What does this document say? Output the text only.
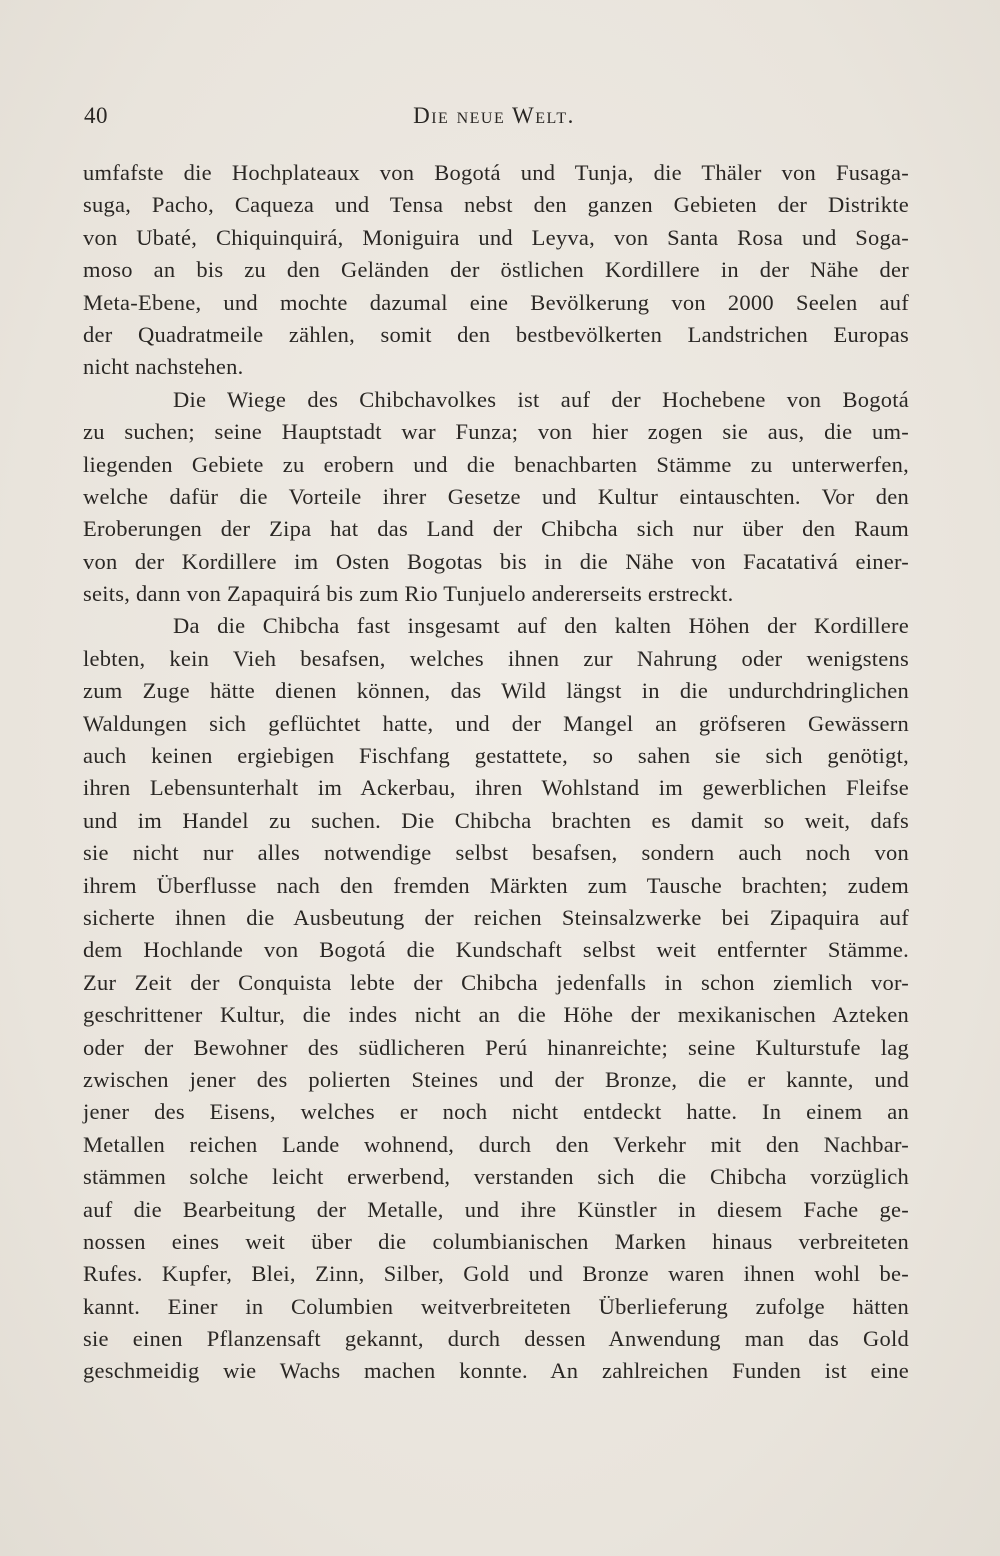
40	Die neue Welt.
umfafste die Hochplateaux von Bogotá und Tunja, die Thäler von Fusaga-
suga, Pacho, Caqueza und Tensa nebst den ganzen Gebieten der Distrikte
von Ubaté, Chiquinquirá, Moniguira und Leyva, von Santa Rosa und Soga-
moso an bis zu den Geländen der östlichen Kordillere in der Nähe der
Meta-Ebene, und mochte dazumal eine Bevölkerung von 2000 Seelen auf
der Quadratmeile zählen, somit den bestbevölkerten Landstrichen Europas
nicht nachstehen.
Die Wiege des Chibchavolkes ist auf der Hochebene von Bogotá
zu suchen; seine Hauptstadt war Funza; von hier zogen sie aus, die um-
liegenden Gebiete zu erobern und die benachbarten Stämme zu unterwerfen,
welche dafür die Vorteile ihrer Gesetze und Kultur eintauschten. Vor den
Eroberungen der Zipa hat das Land der Chibcha sich nur über den Raum
von der Kordillere im Osten Bogotas bis in die Nähe von Facatativá einer-
seits, dann von Zapaquirá bis zum Rio Tunjuelo andererseits erstreckt.
Da die Chibcha fast insgesamt auf den kalten Höhen der Kordillere
lebten, kein Vieh besafsen, welches ihnen zur Nahrung oder wenigstens
zum Zuge hätte dienen können, das Wild längst in die undurchdringlichen
Waldungen sich geflüchtet hatte, und der Mangel an gröfseren Gewässern
auch keinen ergiebigen Fischfang gestattete, so sahen sie sich genötigt,
ihren Lebensunterhalt im Ackerbau, ihren Wohlstand im gewerblichen Fleifse
und im Handel zu suchen. Die Chibcha brachten es damit so weit, dafs
sie nicht nur alles notwendige selbst besafsen, sondern auch noch von
ihrem Überflusse nach den fremden Märkten zum Tausche brachten; zudem
sicherte ihnen die Ausbeutung der reichen Steinsalzwerke bei Zipaquira auf
dem Hochlande von Bogotá die Kundschaft selbst weit entfernter Stämme.
Zur Zeit der Conquista lebte der Chibcha jedenfalls in schon ziemlich vor-
geschrittener Kultur, die indes nicht an die Höhe der mexikanischen Azteken
oder der Bewohner des südlicheren Perú hinanreichte; seine Kulturstufe lag
zwischen jener des polierten Steines und der Bronze, die er kannte, und
jener des Eisens, welches er noch nicht entdeckt hatte. In einem an
Metallen reichen Lande wohnend, durch den Verkehr mit den Nachbar-
stämmen solche leicht erwerbend, verstanden sich die Chibcha vorzüglich
auf die Bearbeitung der Metalle, und ihre Künstler in diesem Fache ge-
nossen eines weit über die columbianischen Marken hinaus verbreiteten
Rufes. Kupfer, Blei, Zinn, Silber, Gold und Bronze waren ihnen wohl be-
kannt. Einer in Columbien weitverbreiteten Überlieferung zufolge hätten
sie einen Pflanzensaft gekannt, durch dessen Anwendung man das Gold
geschmeidig wie Wachs machen konnte. An zahlreichen Funden ist eine
